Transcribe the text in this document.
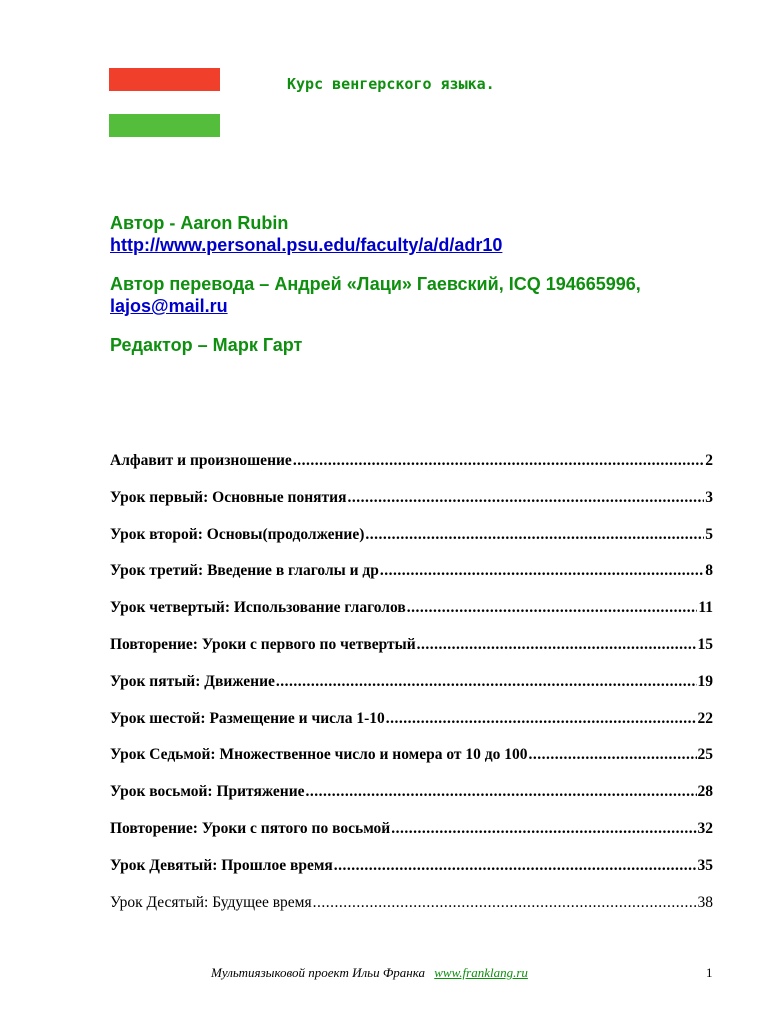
Курс венгерского языка.

Автор - Aaron Rubin
http://www.personal.psu.edu/faculty/a/d/adr10

Автор перевода – Андрей «Лаци» Гаевский, ICQ 194665996, lajos@mail.ru

Редактор – Марк Гарт

Алфавит и произношение .....	2
Урок первый: Основные понятия .....	3
Урок второй: Основы(продолжение) .....	5
Урок третий: Введение в глаголы и др .....	8
Урок четвертый: Использование глаголов .....	11
Повторение: Уроки с первого по четвертый .....	15
Урок пятый: Движение .....	19
Урок шестой: Размещение и числа 1-10 .....	22
Урок Седьмой: Множественное число и номера от 10 до 100 .....	25
Урок восьмой: Притяжение .....	28
Повторение: Уроки с пятого по восьмой .....	32
Урок Девятый: Прошлое время .....	35
Урок Десятый: Будущее время .....	38
Мультиязыковой проект Ильи Франка www.franklang.ru	1
